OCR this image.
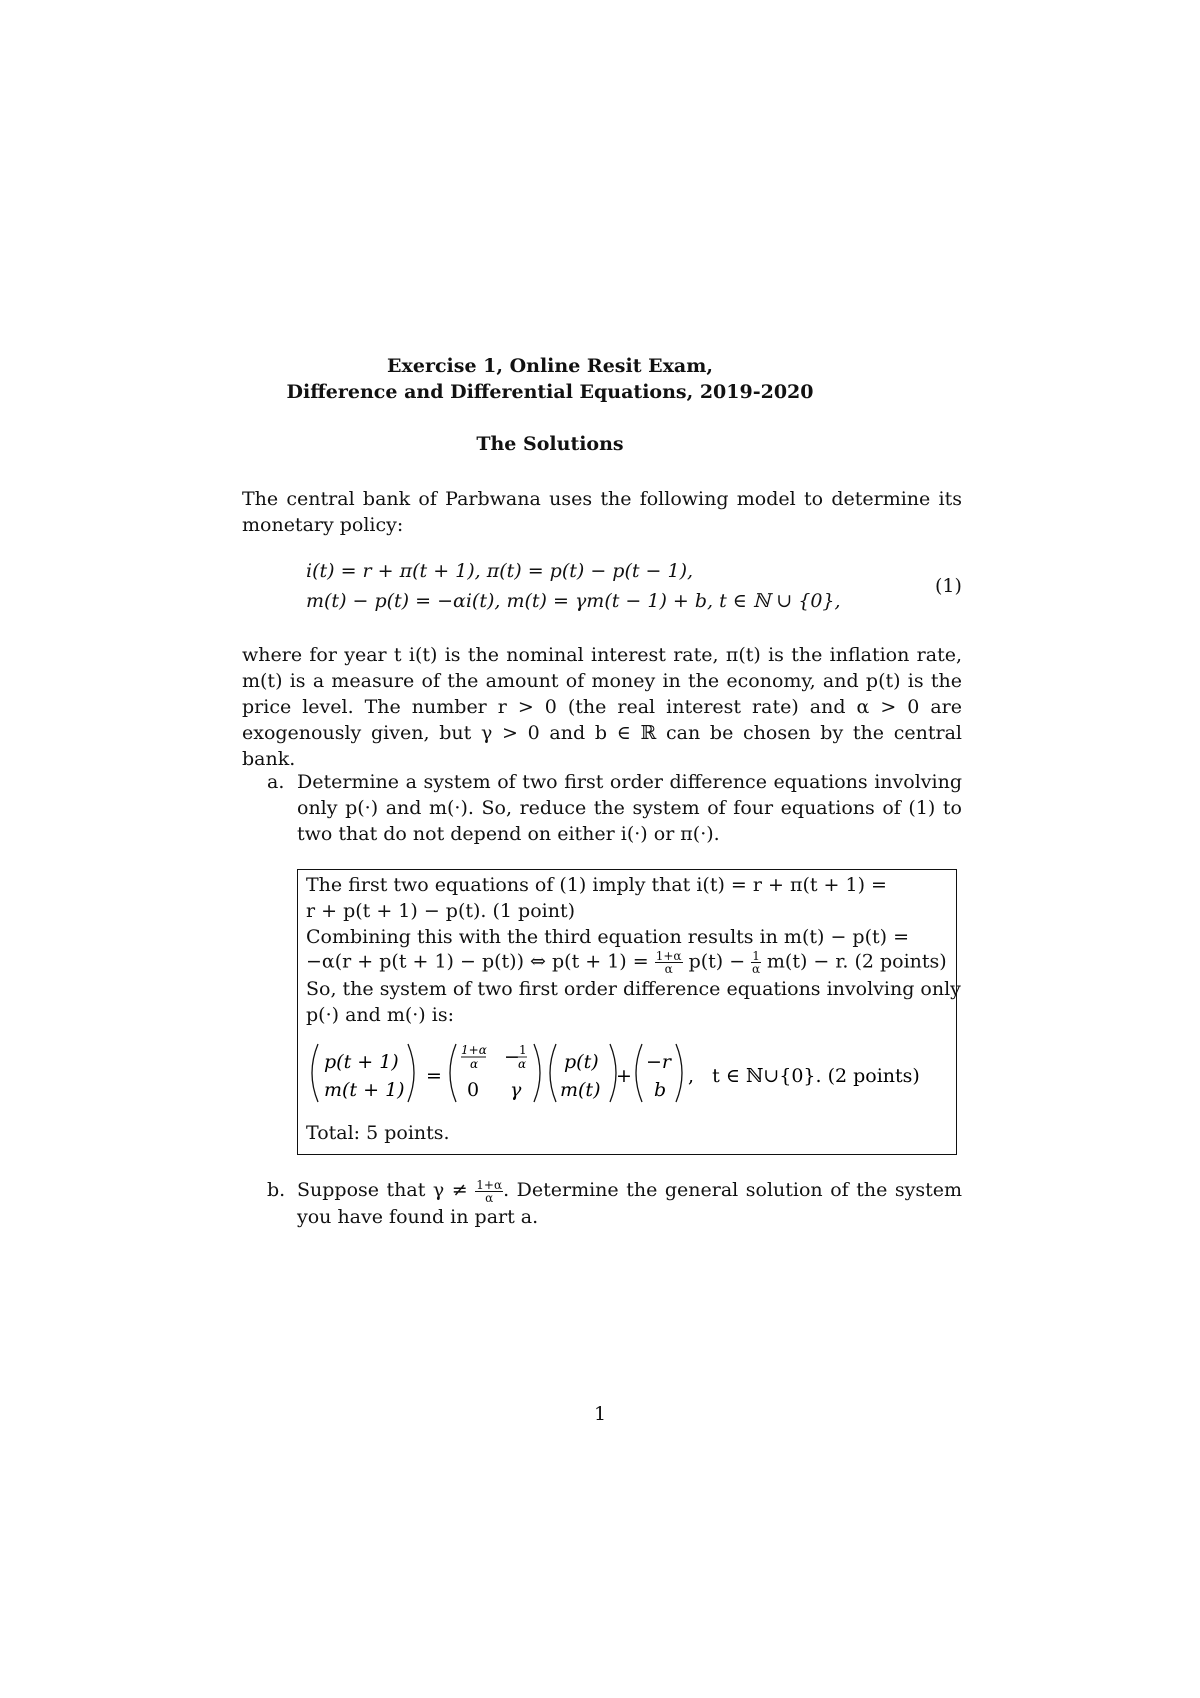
Exercise 1, Online Resit Exam,
Difference and Differential Equations, 2019-2020
The Solutions
The central bank of Parbwana uses the following model to determine its monetary policy:
i(t) = r + π(t + 1), π(t) = p(t) − p(t − 1),
m(t) − p(t) = −αi(t), m(t) = γm(t − 1) + b, t ∈ ℕ ∪ {0},
(1)
where for year t i(t) is the nominal interest rate, π(t) is the inflation rate, m(t) is a measure of the amount of money in the economy, and p(t) is the price level. The number r > 0 (the real interest rate) and α > 0 are exogenously given, but γ > 0 and b ∈ ℝ can be chosen by the central bank.
a. Determine a system of two first order difference equations involving only p(·) and m(·). So, reduce the system of four equations of (1) to two that do not depend on either i(·) or π(·).
The first two equations of (1) imply that i(t) = r + π(t + 1) =
r + p(t + 1) − p(t). (1 point)
Combining this with the third equation results in m(t) − p(t) =
−α(r + p(t + 1) − p(t)) ⇔ $p(t + 1) = \frac{1+\alpha}{\alpha} p(t) - \frac{1}{\alpha} m(t) - r$. (2 points)
So, the system of two first order difference equations involving only
p(·) and m(·) is:
p(t + 1)
m(t + 1)
=
1+α
α − 1
α
0 γ
p(t)
m(t)
+
−r
b
,   t ∈ ℕ∪{0}. (2 points)
Total: 5 points.
b. Suppose that $\gamma \ne \frac{1+\alpha}{\alpha}$ . Determine the general solution of the system you have found in part a.
1
